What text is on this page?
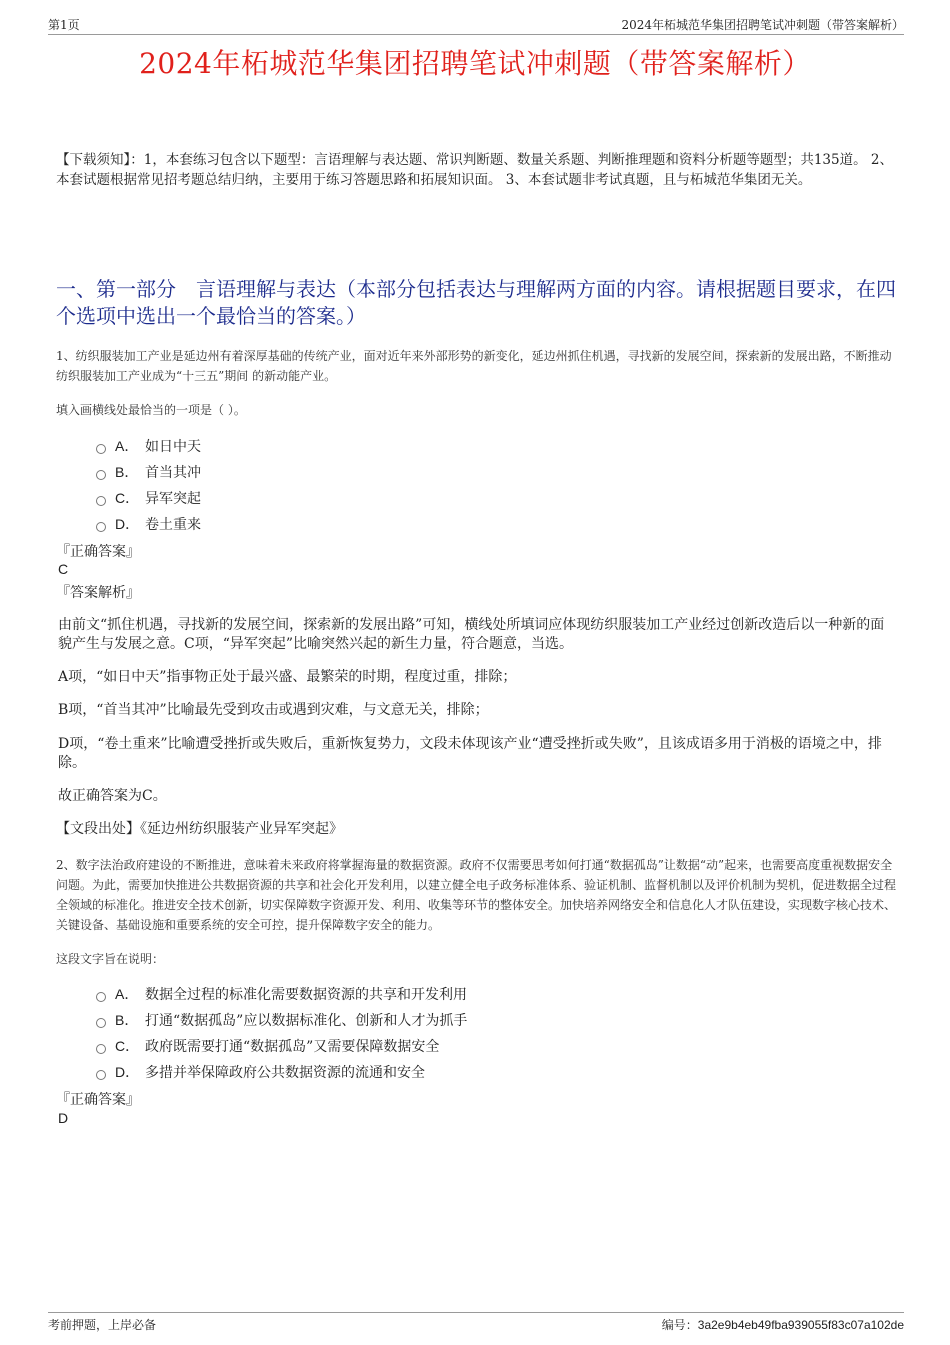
第1页	2024年柘城范华集团招聘笔试冲刺题（带答案解析）
2024年柘城范华集团招聘笔试冲刺题（带答案解析）
【下载须知】：1，本套练习包含以下题型：言语理解与表达题、常识判断题、数量关系题、判断推理题和资料分析题等题型；共135道。 2、本套试题根据常见招考题总结归纳，主要用于练习答题思路和拓展知识面。 3、本套试题非考试真题，且与柘城范华集团无关。
一、第一部分　言语理解与表达（本部分包括表达与理解两方面的内容。请根据题目要求，在四个选项中选出一个最恰当的答案。）
1、纺织服装加工产业是延边州有着深厚基础的传统产业，面对近年来外部形势的新变化，延边州抓住机遇，寻找新的发展空间，探索新的发展出路，不断推动纺织服装加工产业成为“十三五”期间 的新动能产业。
填入画横线处最恰当的一项是（ ）。
A． 如日中天
B． 首当其冲
C． 异军突起
D． 卷土重来
『正确答案』
C
『答案解析』
由前文“抓住机遇，寻找新的发展空间，探索新的发展出路”可知，横线处所填词应体现纺织服装加工产业经过创新改造后以一种新的面貌产生与发展之意。C项，“异军突起”比喻突然兴起的新生力量，符合题意，当选。
A项，“如日中天”指事物正处于最兴盛、最繁荣的时期，程度过重，排除；
B项，“首当其冲”比喻最先受到攻击或遇到灾难，与文意无关，排除；
D项，“卷土重来”比喻遭受挫折或失败后，重新恢复势力，文段未体现该产业“遭受挫折或失败”，且该成语多用于消极的语境之中，排除。
故正确答案为C。
【文段出处】《延边州纺织服装产业异军突起》
2、数字法治政府建设的不断推进，意味着未来政府将掌握海量的数据资源。政府不仅需要思考如何打通“数据孤岛”让数据“动”起来，也需要高度重视数据安全问题。为此，需要加快推进公共数据资源的共享和社会化开发利用，以建立健全电子政务标准体系、验证机制、监督机制以及评价机制为契机，促进数据全过程全领域的标准化。推进安全技术创新，切实保障数字资源开发、利用、收集等环节的整体安全。加快培养网络安全和信息化人才队伍建设，实现数字核心技术、关键设备、基础设施和重要系统的安全可控，提升保障数字安全的能力。
这段文字旨在说明：
A． 数据全过程的标准化需要数据资源的共享和开发利用
B． 打通“数据孤岛”应以数据标准化、创新和人才为抓手
C． 政府既需要打通“数据孤岛”又需要保障数据安全
D． 多措并举保障政府公共数据资源的流通和安全
『正确答案』
D
考前押题，上岸必备	编号：3a2e9b4eb49fba939055f83c07a102de
